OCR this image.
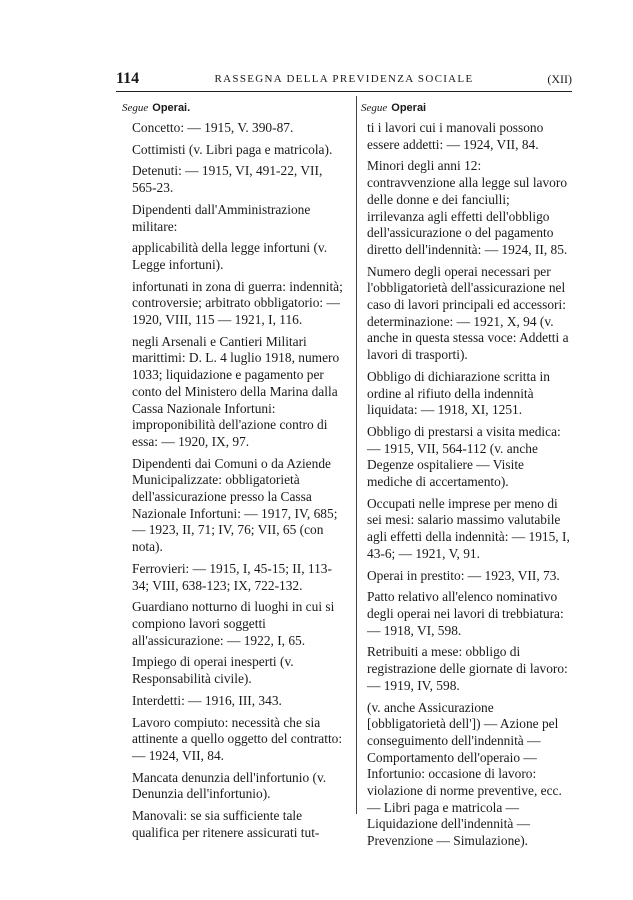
114	RASSEGNA DELLA PREVIDENZA SOCIALE	(XII)
Segue Operai.

Concetto: — 1915, V. 390-87.

Cottimisti (v. Libri paga e matricola).

Detenuti: — 1915, VI, 491-22, VII, 565-23.

Dipendenti dall'Amministrazione militare:

applicabilità della legge infortuni (v. Legge infortuni).

infortunati in zona di guerra: indennità; controversie; arbitrato obbligatorio: — 1920, VIII, 115 — 1921, I, 116.

negli Arsenali e Cantieri Militari marittimi: D. L. 4 luglio 1918, numero 1033; liquidazione e pagamento per conto del Ministero della Marina dalla Cassa Nazionale Infortuni: improponibilità dell'azione contro di essa: — 1920, IX, 97.

Dipendenti dai Comuni o da Aziende Municipalizzate: obbligatorietà dell'assicurazione presso la Cassa Nazionale Infortuni: — 1917, IV, 685; — 1923, II, 71; IV, 76; VII, 65 (con nota).

Ferrovieri: — 1915, I, 45-15; II, 113-34; VIII, 638-123; IX, 722-132.

Guardiano notturno di luoghi in cui si compiono lavori soggetti all'assicurazione: — 1922, I, 65.

Impiego di operai inesperti (v. Responsabilità civile).

Interdetti: — 1916, III, 343.

Lavoro compiuto: necessità che sia attinente a quello oggetto del contratto: — 1924, VII, 84.

Mancata denunzia dell'infortunio (v. Denunzia dell'infortunio).

Manovali: se sia sufficiente tale qualifica per ritenere assicurati tut-

Segue Operai

ti i lavori cui i manovali possono essere addetti: — 1924, VII, 84.

Minori degli anni 12: contravvenzione alla legge sul lavoro delle donne e dei fanciulli; irrilevanza agli effetti dell'obbligo dell'assicurazione o del pagamento diretto dell'indennità: — 1924, II, 85.

Numero degli operai necessari per l'obbligatorietà dell'assicurazione nel caso di lavori principali ed accessori: determinazione: — 1921, X, 94 (v. anche in questa stessa voce: Addetti a lavori di trasporti).

Obbligo di dichiarazione scritta in ordine al rifiuto della indennità liquidata: — 1918, XI, 1251.

Obbligo di prestarsi a visita medica: — 1915, VII, 564-112 (v. anche Degenze ospitaliere — Visite mediche di accertamento).

Occupati nelle imprese per meno di sei mesi: salario massimo valutabile agli effetti della indennità: — 1915, I, 43-6; — 1921, V, 91.

Operai in prestito: — 1923, VII, 73.

Patto relativo all'elenco nominativo degli operai nei lavori di trebbiatura: — 1918, VI, 598.

Retribuiti a mese: obbligo di registrazione delle giornate di lavoro: — 1919, IV, 598.

(v. anche Assicurazione [obbligatorietà dell']) — Azione pel conseguimento dell'indennità — Comportamento dell'operaio — Infortunio: occasione di lavoro: violazione di norme preventive, ecc. — Libri paga e matricola — Liquidazione dell'indennità — Prevenzione — Simulazione).
